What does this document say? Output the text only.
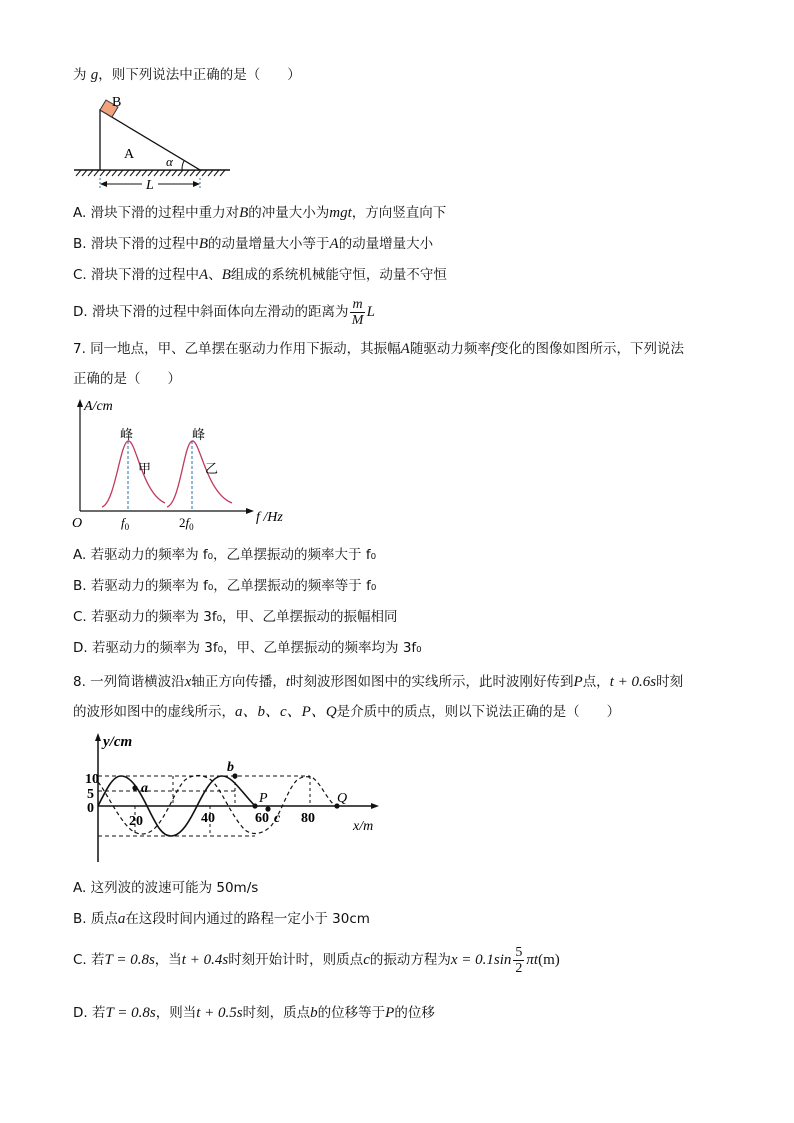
为 g，则下列说法中正确的是（　　）
B
A α
L
A. 滑块下滑的过程中重力对B的冲量大小为mgt，方向竖直向下
B. 滑块下滑的过程中B的动量增量大小等于A的动量增量大小
C. 滑块下滑的过程中A、B组成的系统机械能守恒，动量不守恒
D. 滑块下滑的过程中斜面体向左滑动的距离为 $\frac{m}{M}$ L
7. 同一地点，甲、乙单摆在驱动力作用下振动，其振幅A随驱动力频率f变化的图像如图所示，下列说法
正确的是（　　）
A/cm
f /Hz
O
峰	峰
甲	乙
$f_0$	$2f_0$
A. 若驱动力的频率为 f₀，乙单摆振动的频率大于 f₀
B. 若驱动力的频率为 f₀，乙单摆振动的频率等于 f₀
C. 若驱动力的频率为 3f₀，甲、乙单摆振动的振幅相同
D. 若驱动力的频率为 3f₀，甲、乙单摆振动的频率均为 3f₀
8. 一列简谐横波沿x轴正方向传播，t时刻波形图如图中的实线所示，此时波刚好传到P点，t + 0.6s时刻
的波形如图中的虚线所示，a、b、c、P、Q是介质中的质点，则以下说法正确的是（　　）
y/cm
x/m
10
5
0
a
b
P
c
Q
20	40	60 80
A. 这列波的波速可能为 50m/s
B. 质点a在这段时间内通过的路程一定小于 30cm
C. 若T = 0.8s，当t + 0.4s时刻开始计时，则质点c的振动方程为$x = 0.1\sin \frac{5}{2} \pi t(m)$
D. 若T = 0.8s，则当t + 0.5s时刻，质点b的位移等于P的位移
